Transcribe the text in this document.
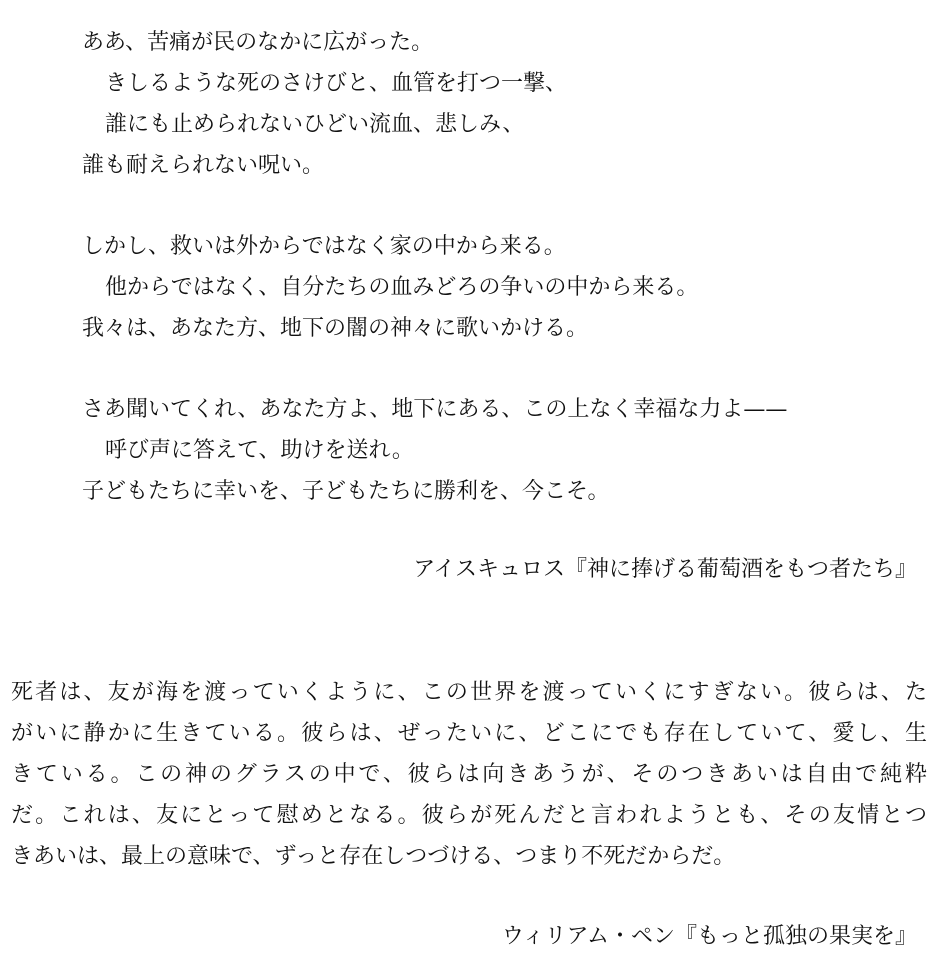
ああ、苦痛が民のなかに広がった。
きしるような死のさけびと、血管を打つ一撃、
誰にも止められないひどい流血、悲しみ、
誰も耐えられない呪い。
しかし、救いは外からではなく家の中から来る。
他からではなく、自分たちの血みどろの争いの中から来る。
我々は、あなた方、地下の闇の神々に歌いかける。
さあ聞いてくれ、あなた方よ、地下にある、この上なく幸福な力よ——
呼び声に答えて、助けを送れ。
子どもたちに幸いを、子どもたちに勝利を、今こそ。
アイスキュロス『神に捧げる葡萄酒をもつ者たち』
死者は、友が海を渡っていくように、この世界を渡っていくにすぎない。彼らは、た
がいに静かに生きている。彼らは、ぜったいに、どこにでも存在していて、愛し、生
きている。この神のグラスの中で、彼らは向きあうが、そのつきあいは自由で純粋
だ。これは、友にとって慰めとなる。彼らが死んだと言われようとも、その友情とつ
きあいは、最上の意味で、ずっと存在しつづける、つまり不死だからだ。
ウィリアム・ペン『もっと孤独の果実を』
